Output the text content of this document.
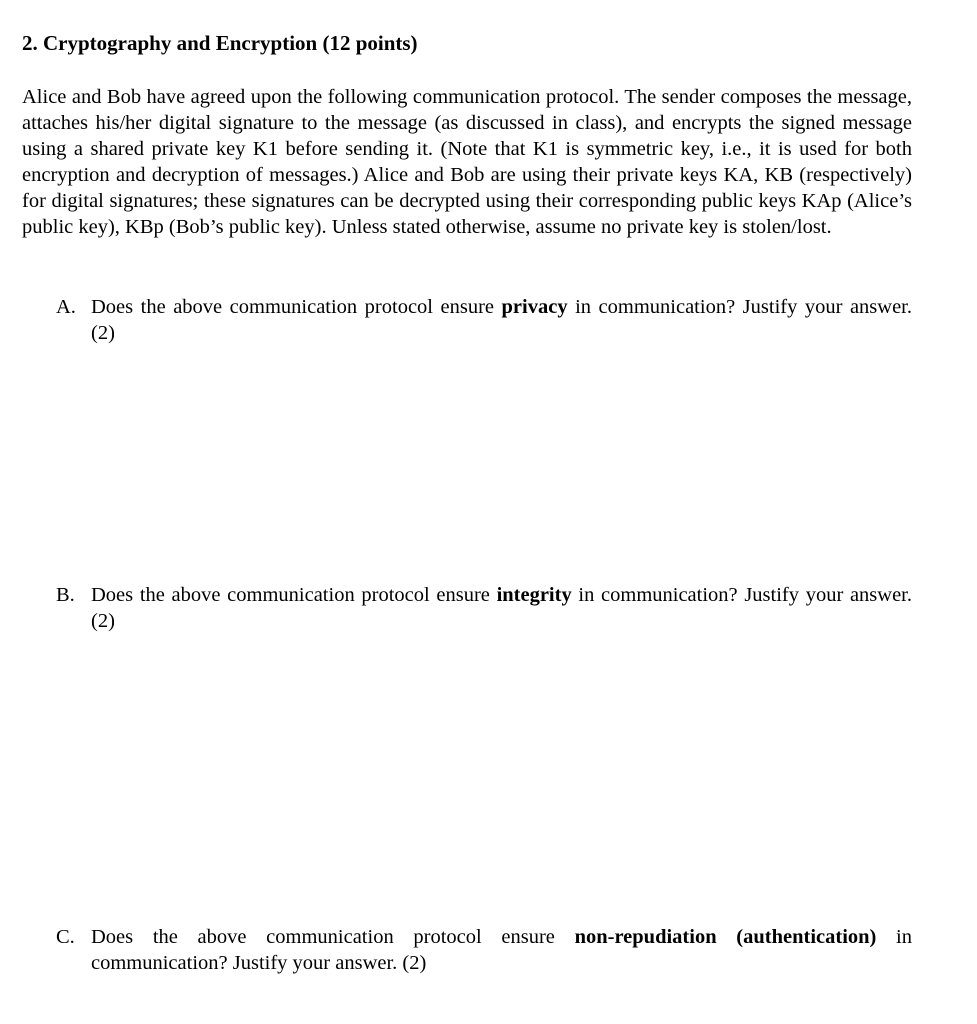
2. Cryptography and Encryption (12 points)

Alice and Bob have agreed upon the following communication protocol. The sender composes the message, attaches his/her digital signature to the message (as discussed in class), and encrypts the signed message using a shared private key K1 before sending it. (Note that K1 is symmetric key, i.e., it is used for both encryption and decryption of messages.) Alice and Bob are using their private keys KA, KB (respectively) for digital signatures; these signatures can be decrypted using their corresponding public keys KAp (Alice’s public key), KBp (Bob’s public key). Unless stated otherwise, assume no private key is stolen/lost.

A. Does the above communication protocol ensure privacy in communication? Justify your answer. (2)
B. Does the above communication protocol ensure integrity in communication? Justify your answer. (2)
C. Does the above communication protocol ensure non-repudiation (authentication) in communication? Justify your answer. (2)
